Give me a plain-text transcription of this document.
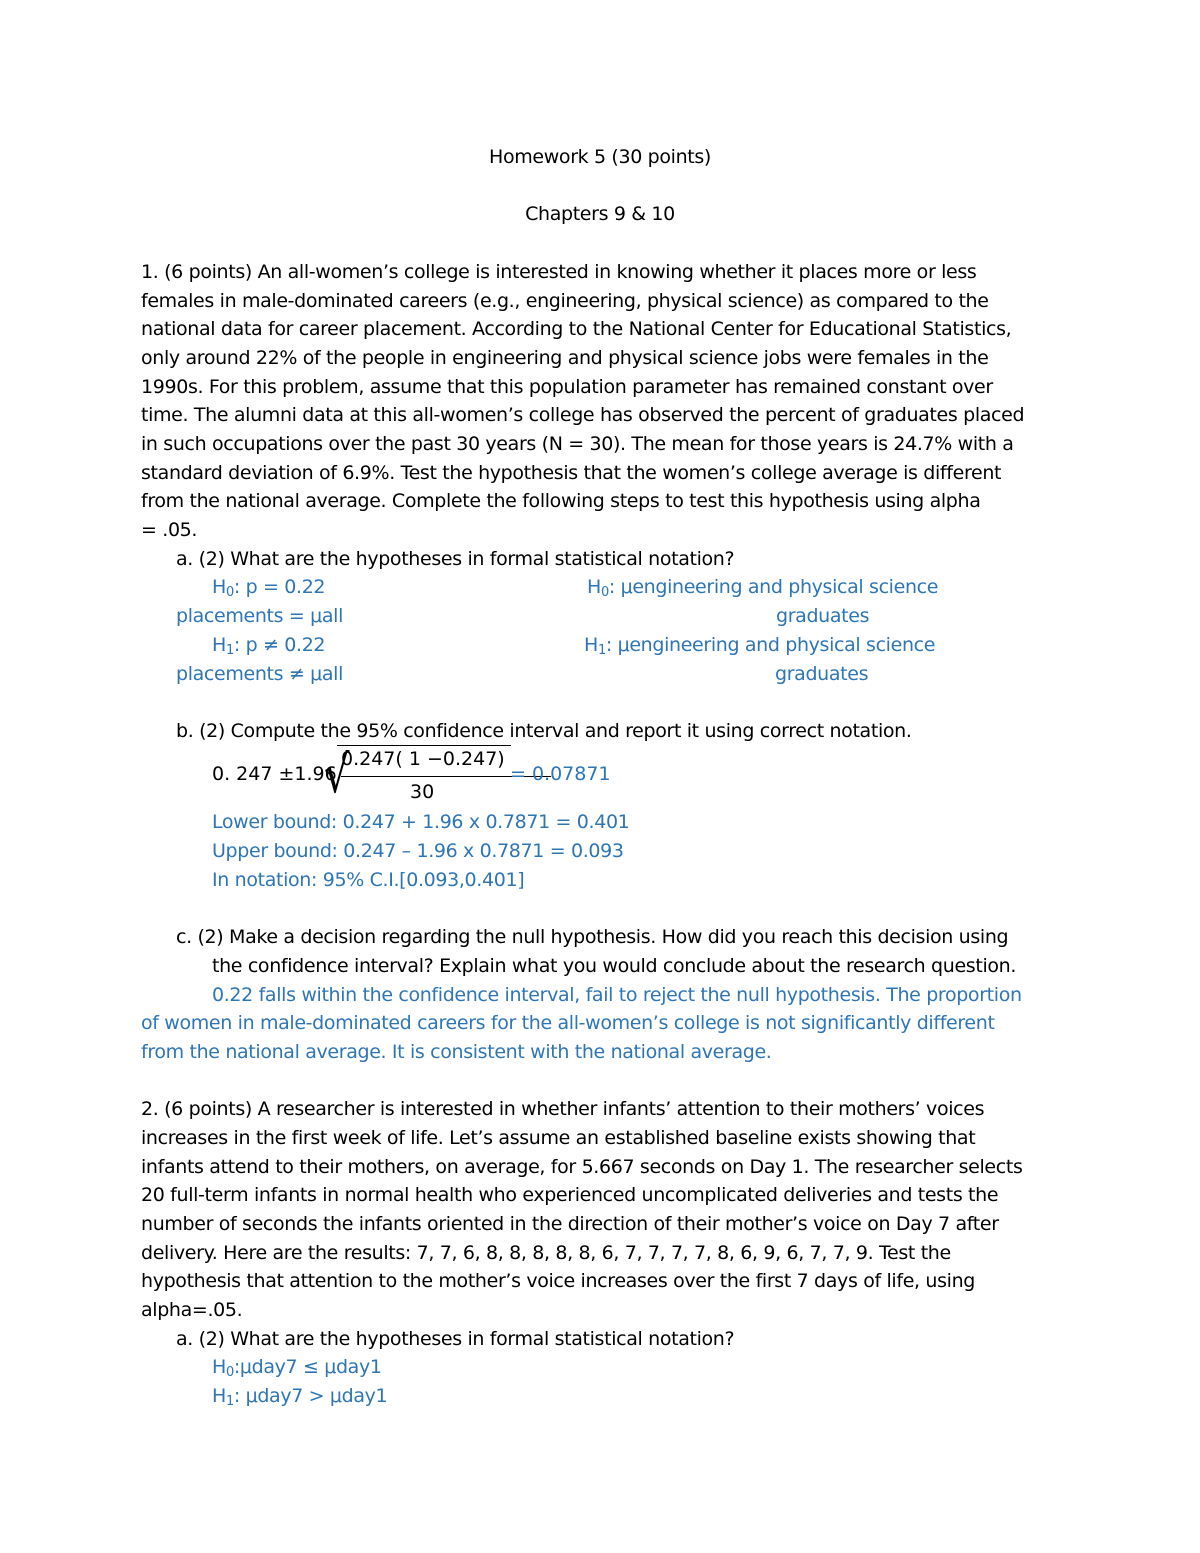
Homework 5 (30 points)
Chapters 9 & 10
1. (6 points) An all-women’s college is interested in knowing whether it places more or less
females in male-dominated careers (e.g., engineering, physical science) as compared to the
national data for career placement. According to the National Center for Educational Statistics,
only around 22% of the people in engineering and physical science jobs were females in the
1990s. For this problem, assume that this population parameter has remained constant over
time. The alumni data at this all-women’s college has observed the percent of graduates placed
in such occupations over the past 30 years (N = 30). The mean for those years is 24.7% with a
standard deviation of 6.9%. Test the hypothesis that the women’s college average is different
from the national average. Complete the following steps to test this hypothesis using alpha
= .05.
a. (2) What are the hypotheses in formal statistical notation?
$H_0$: p = 0.22	$H_0$: μengineering and physical science
placements = μall	graduates
$H_1$: p ≠ 0.22	$H_1$: μengineering and physical science
placements ≠ μall	graduates
b. (2) Compute the 95% confidence interval and report it using correct notation.
0. 247 ±1.96
√
0.247( 1 −0.247)
30
= 0.07871
Lower bound: 0.247 + 1.96 x 0.7871 = 0.401
Upper bound: 0.247 – 1.96 x 0.7871 = 0.093
In notation: 95% C.I.[0.093,0.401]
c. (2) Make a decision regarding the null hypothesis. How did you reach this decision using
the confidence interval? Explain what you would conclude about the research question.
0.22 falls within the confidence interval, fail to reject the null hypothesis. The proportion
of women in male-dominated careers for the all-women’s college is not significantly different
from the national average. It is consistent with the national average.
2. (6 points) A researcher is interested in whether infants’ attention to their mothers’ voices
increases in the first week of life. Let’s assume an established baseline exists showing that
infants attend to their mothers, on average, for 5.667 seconds on Day 1. The researcher selects
20 full-term infants in normal health who experienced uncomplicated deliveries and tests the
number of seconds the infants oriented in the direction of their mother’s voice on Day 7 after
delivery. Here are the results: 7, 7, 6, 8, 8, 8, 8, 8, 6, 7, 7, 7, 7, 8, 6, 9, 6, 7, 7, 9. Test the
hypothesis that attention to the mother’s voice increases over the first 7 days of life, using
alpha=.05.
a. (2) What are the hypotheses in formal statistical notation?
$H_0:\mu day7 \le \mu day1$
$H_1$: μday7 > μday1
